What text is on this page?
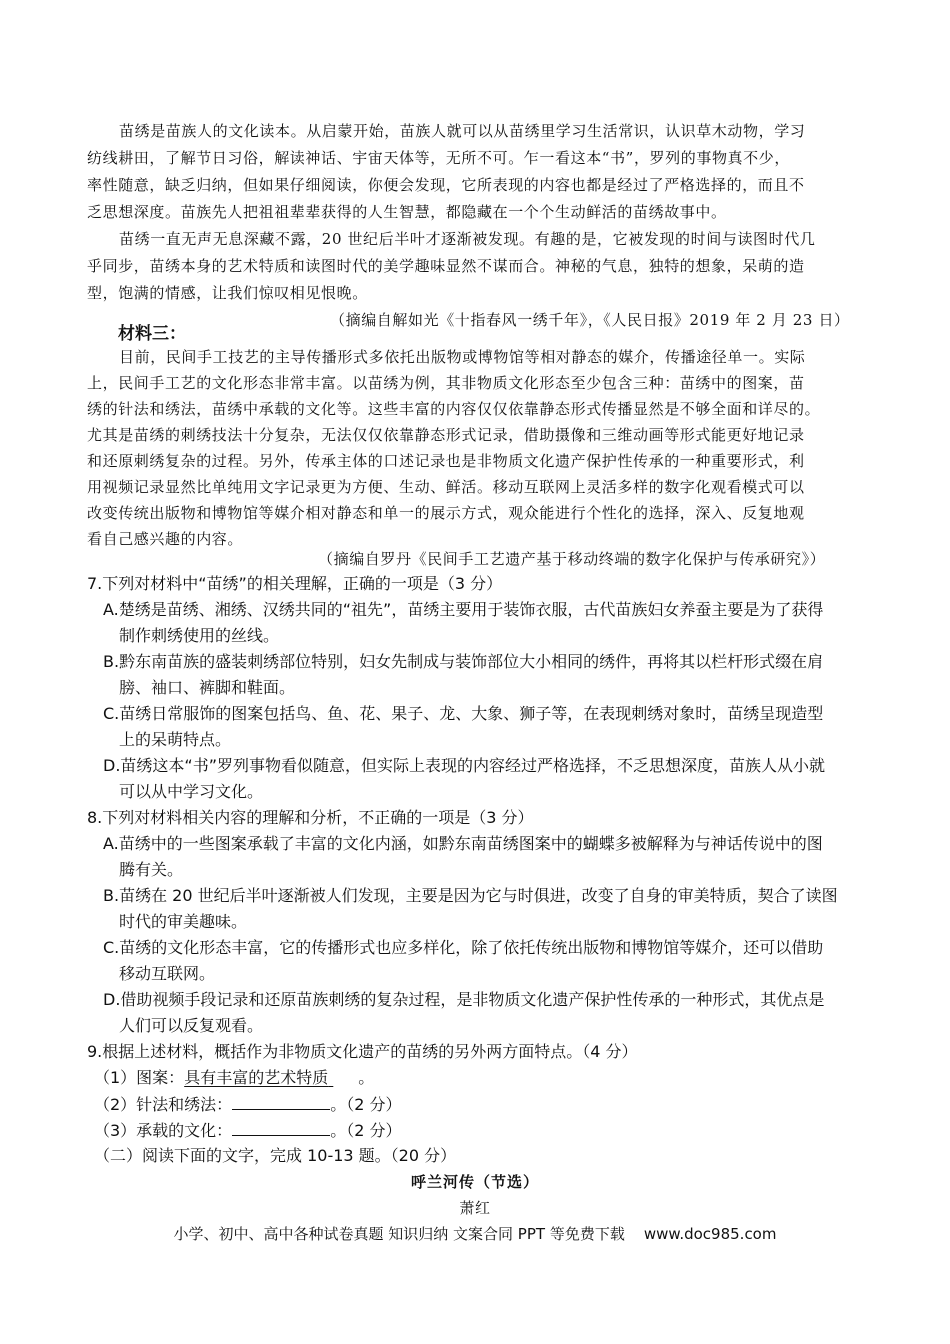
苗绣是苗族人的文化读本。从启蒙开始，苗族人就可以从苗绣里学习生活常识，认识草木动物，学习
纺线耕田，了解节日习俗，解读神话、宇宙天体等，无所不可。乍一看这本“书”，罗列的事物真不少，
率性随意，缺乏归纳，但如果仔细阅读，你便会发现，它所表现的内容也都是经过了严格选择的，而且不
乏思想深度。苗族先人把祖祖辈辈获得的人生智慧，都隐藏在一个个生动鲜活的苗绣故事中。
苗绣一直无声无息深藏不露，20 世纪后半叶才逐渐被发现。有趣的是，它被发现的时间与读图时代几
乎同步，苗绣本身的艺术特质和读图时代的美学趣味显然不谋而合。神秘的气息，独特的想象，呆萌的造
型，饱满的情感，让我们惊叹相见恨晚。
（摘编自解如光《十指春风一绣千年》，《人民日报》2019 年 2 月 23 日）
材料三：
目前，民间手工技艺的主导传播形式多依托出版物或博物馆等相对静态的媒介，传播途径单一。实际
上，民间手工艺的文化形态非常丰富。以苗绣为例，其非物质文化形态至少包含三种：苗绣中的图案，苗
绣的针法和绣法，苗绣中承载的文化等。这些丰富的内容仅仅依靠静态形式传播显然是不够全面和详尽的。
尤其是苗绣的刺绣技法十分复杂，无法仅仅依靠静态形式记录，借助摄像和三维动画等形式能更好地记录
和还原刺绣复杂的过程。另外，传承主体的口述记录也是非物质文化遗产保护性传承的一种重要形式，利
用视频记录显然比单纯用文字记录更为方便、生动、鲜活。移动互联网上灵活多样的数字化观看模式可以
改变传统出版物和博物馆等媒介相对静态和单一的展示方式，观众能进行个性化的选择，深入、反复地观
看自己感兴趣的内容。
（摘编自罗丹《民间手工艺遗产基于移动终端的数字化保护与传承研究》）
7.下列对材料中“苗绣”的相关理解，正确的一项是（3 分）
A.楚绣是苗绣、湘绣、汉绣共同的“祖先”，苗绣主要用于装饰衣服，古代苗族妇女养蚕主要是为了获得
制作刺绣使用的丝线。
B.黔东南苗族的盛装刺绣部位特别，妇女先制成与装饰部位大小相同的绣件，再将其以栏杆形式缀在肩
膀、袖口、裤脚和鞋面。
C.苗绣日常服饰的图案包括鸟、鱼、花、果子、龙、大象、狮子等，在表现刺绣对象时，苗绣呈现造型
上的呆萌特点。
D.苗绣这本“书”罗列事物看似随意，但实际上表现的内容经过严格选择，不乏思想深度，苗族人从小就
可以从中学习文化。
8.下列对材料相关内容的理解和分析，不正确的一项是（3 分）
A.苗绣中的一些图案承载了丰富的文化内涵，如黔东南苗绣图案中的蝴蝶多被解释为与神话传说中的图
腾有关。
B.苗绣在 20 世纪后半叶逐渐被人们发现，主要是因为它与时俱进，改变了自身的审美特质，契合了读图
时代的审美趣味。
C.苗绣的文化形态丰富，它的传播形式也应多样化，除了依托传统出版物和博物馆等媒介，还可以借助
移动互联网。
D.借助视频手段记录和还原苗族刺绣的复杂过程，是非物质文化遗产保护性传承的一种形式，其优点是
人们可以反复观看。
9.根据上述材料，概括作为非物质文化遗产的苗绣的另外两方面特点。（4 分）
（1）图案：具有丰富的艺术特质 。
（2）针法和绣法：	。（2 分）
（3）承载的文化：	。（2 分）
（二）阅读下面的文字，完成 10-13 题。（20 分）
呼兰河传（节选）
萧红
小学、初中、高中各种试卷真题 知识归纳 文案合同 PPT 等免费下载    www.doc985.com
